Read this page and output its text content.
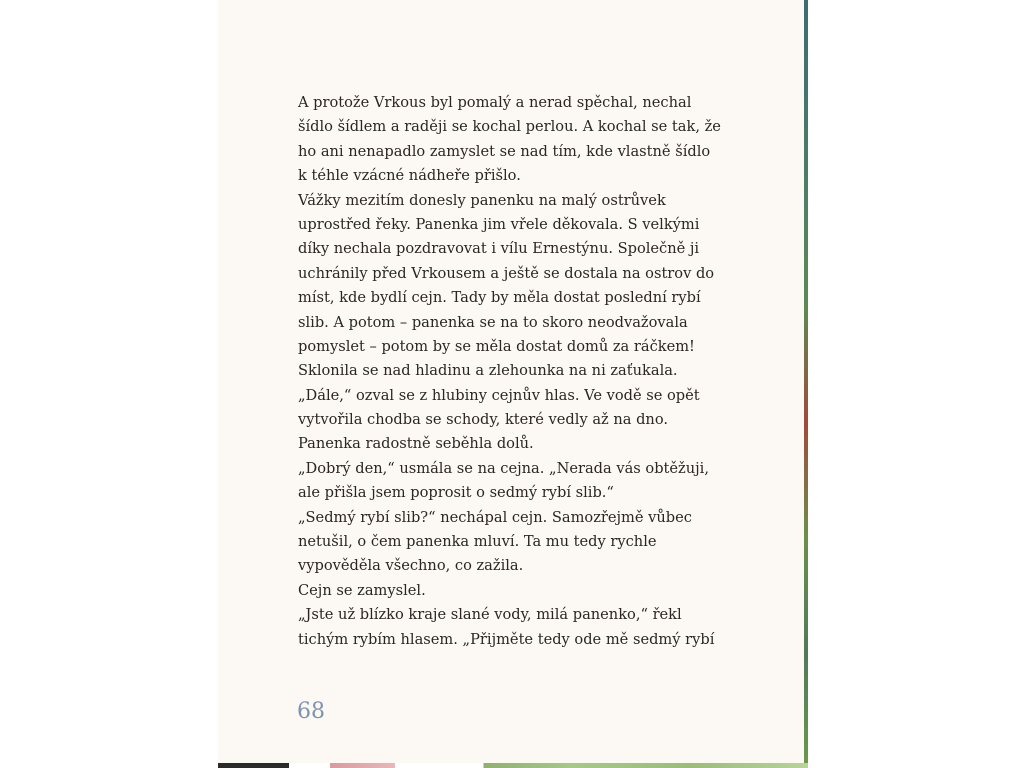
A protože Vrkous byl pomalý a nerad spěchal, nechal
šídlo šídlem a raději se kochal perlou. A kochal se tak, že
ho ani nenapadlo zamyslet se nad tím, kde vlastně šídlo
k téhle vzácné nádheře přišlo.
Vážky mezitím donesly panenku na malý ostrůvek
uprostřed řeky. Panenka jim vřele děkovala. S velkými
díky nechala pozdravovat i vílu Ernestýnu. Společně ji
uchránily před Vrkousem a ještě se dostala na ostrov do
míst, kde bydlí cejn. Tady by měla dostat poslední rybí
slib. A potom – panenka se na to skoro neodvažovala
pomyslet – potom by se měla dostat domů za ráčkem!
Sklonila se nad hladinu a zlehounka na ni zaťukala.
„Dále,“ ozval se z hlubiny cejnův hlas. Ve vodě se opět
vytvořila chodba se schody, které vedly až na dno.
Panenka radostně seběhla dolů.
„Dobrý den,“ usmála se na cejna. „Nerada vás obtěžuji,
ale přišla jsem poprosit o sedmý rybí slib.“
„Sedmý rybí slib?“ nechápal cejn. Samozřejmě vůbec
netušil, o čem panenka mluví. Ta mu tedy rychle
vypověděla všechno, co zažila.
Cejn se zamyslel.
„Jste už blízko kraje slané vody, milá panenko,“ řekl
tichým rybím hlasem. „Přijměte tedy ode mě sedmý rybí
68
